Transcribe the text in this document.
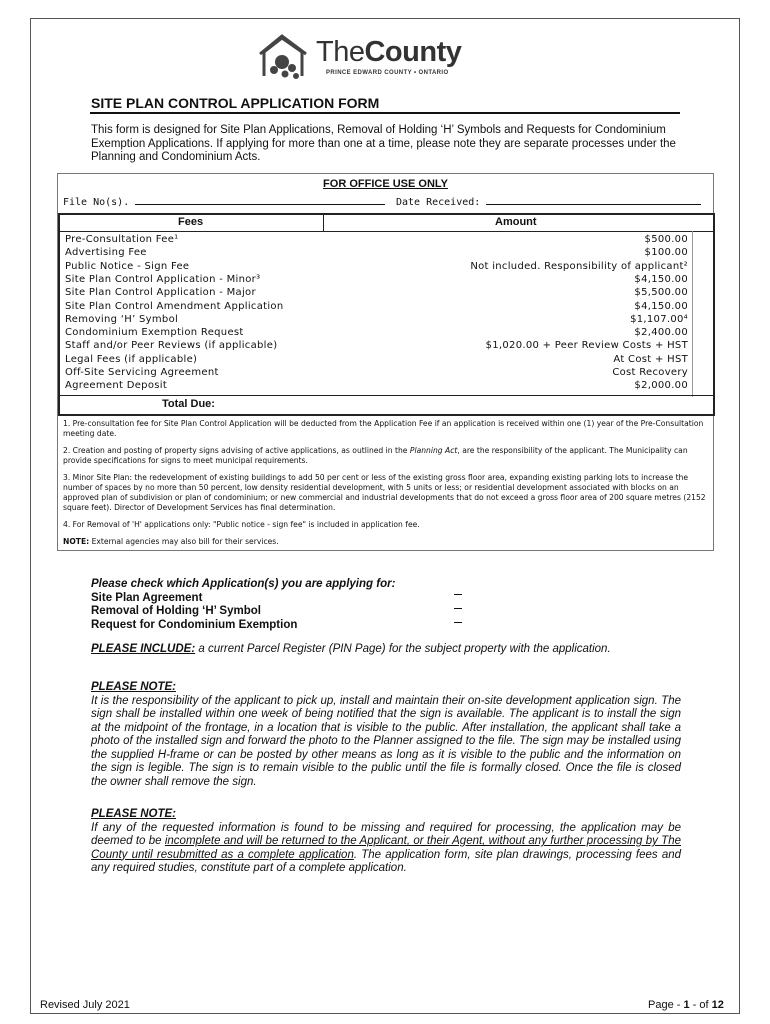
TheCounty
PRINCE EDWARD COUNTY • ONTARIO
SITE PLAN CONTROL APPLICATION FORM
This form is designed for Site Plan Applications, Removal of Holding ‘H’ Symbols and Requests for Condominium Exemption Applications. If applying for more than one at a time, please note they are separate processes under the Planning and Condominium Acts.
FOR OFFICE USE ONLY
File No(s).	Date Received:
Fees	Amount
Pre-Consultation Fee¹	$500.00
Advertising Fee	$100.00
Public Notice - Sign Fee	Not included. Responsibility of applicant²
Site Plan Control Application - Minor³	$4,150.00
Site Plan Control Application - Major	$5,500.00
Site Plan Control Amendment Application	$4,150.00
Removing ‘H’ Symbol	$1,107.00⁴
Condominium Exemption Request	$2,400.00
Staff and/or Peer Reviews (if applicable)	$1,020.00 + Peer Review Costs + HST
Legal Fees (if applicable)	At Cost + HST
Off-Site Servicing Agreement	Cost Recovery
Agreement Deposit	$2,000.00
Total Due:

1. Pre-consultation fee for Site Plan Control Application will be deducted from the Application Fee if an application is received within one (1) year of the Pre-Consultation meeting date.

2. Creation and posting of property signs advising of active applications, as outlined in the Planning Act, are the responsibility of the applicant. The Municipality can provide specifications for signs to meet municipal requirements.

3. Minor Site Plan: the redevelopment of existing buildings to add 50 per cent or less of the existing gross floor area, expanding existing parking lots to increase the number of spaces by no more than 50 percent, low density residential development, with 5 units or less; or residential development associated with blocks on an approved plan of subdivision or plan of condominium; or new commercial and industrial developments that do not exceed a gross floor area of 200 square metres (2152 square feet). Director of Development Services has final determination.

4. For Removal of 'H' applications only: "Public notice - sign fee" is included in application fee.

NOTE: External agencies may also bill for their services.

Please check which Application(s) you are applying for:
Site Plan Agreement
Removal of Holding ‘H’ Symbol
Request for Condominium Exemption
PLEASE INCLUDE: a current Parcel Register (PIN Page) for the subject property with the application.
PLEASE NOTE:
It is the responsibility of the applicant to pick up, install and maintain their on-site development application sign. The sign shall be installed within one week of being notified that the sign is available. The applicant is to install the sign at the midpoint of the frontage, in a location that is visible to the public. After installation, the applicant shall take a photo of the installed sign and forward the photo to the Planner assigned to the file. The sign may be installed using the supplied H-frame or can be posted by other means as long as it is visible to the public and the information on the sign is legible. The sign is to remain visible to the public until the file is formally closed. Once the file is closed the owner shall remove the sign.
PLEASE NOTE:
If any of the requested information is found to be missing and required for processing, the application may be deemed to be incomplete and will be returned to the Applicant, or their Agent, without any further processing by The County until resubmitted as a complete application. The application form, site plan drawings, processing fees and any required studies, constitute part of a complete application.
Revised July 2021	Page - 1 - of 12
